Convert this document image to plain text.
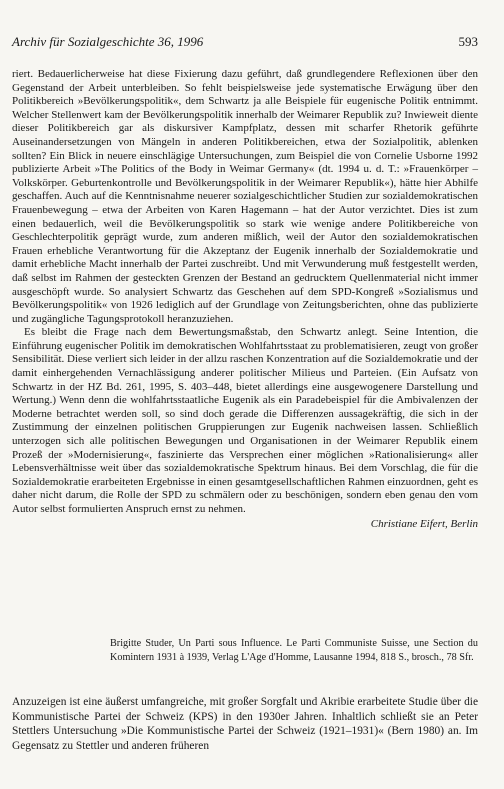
Archiv für Sozialgeschichte 36, 1996	593

riert. Bedauerlicherweise hat diese Fixierung dazu geführt, daß grundlegendere Reflexionen über den Gegenstand der Arbeit unterbleiben. So fehlt beispielsweise jede systematische Erwägung über den Politikbereich »Bevölkerungspolitik«, dem Schwartz ja alle Beispiele für eugenische Politik entnimmt. Welcher Stellenwert kam der Bevölkerungspolitik innerhalb der Weimarer Republik zu? Inwieweit diente dieser Politikbereich gar als diskursiver Kampfplatz, dessen mit scharfer Rhetorik geführte Auseinandersetzungen von Mängeln in anderen Politikbereichen, etwa der Sozialpolitik, ablenken sollten? Ein Blick in neuere einschlägige Untersuchungen, zum Beispiel die von Cornelie Usborne 1992 publizierte Arbeit »The Politics of the Body in Weimar Germany« (dt. 1994 u. d. T.: »Frauenkörper – Volkskörper. Geburtenkontrolle und Bevölkerungspolitik in der Weimarer Republik«), hätte hier Abhilfe geschaffen. Auch auf die Kenntnisnahme neuerer sozialgeschichtlicher Studien zur sozialdemokratischen Frauenbewegung – etwa der Arbeiten von Karen Hagemann – hat der Autor verzichtet. Dies ist zum einen bedauerlich, weil die Bevölkerungspolitik so stark wie wenige andere Politikbereiche von Geschlechterpolitik geprägt wurde, zum anderen mißlich, weil der Autor den sozialdemokratischen Frauen erhebliche Verantwortung für die Akzeptanz der Eugenik innerhalb der Sozialdemokratie und damit erhebliche Macht innerhalb der Partei zuschreibt. Und mit Verwunderung muß festgestellt werden, daß selbst im Rahmen der gesteckten Grenzen der Bestand an gedrucktem Quellenmaterial nicht immer ausgeschöpft wurde. So analysiert Schwartz das Geschehen auf dem SPD-Kongreß »Sozialismus und Bevölkerungspolitik« von 1926 lediglich auf der Grundlage von Zeitungsberichten, ohne das publizierte und zugängliche Tagungsprotokoll heranzuziehen.

Es bleibt die Frage nach dem Bewertungsmaßstab, den Schwartz anlegt. Seine Intention, die Einführung eugenischer Politik im demokratischen Wohlfahrtsstaat zu problematisieren, zeugt von großer Sensibilität. Diese verliert sich leider in der allzu raschen Konzentration auf die Sozialdemokratie und der damit einhergehenden Vernachlässigung anderer politischer Milieus und Parteien. (Ein Aufsatz von Schwartz in der HZ Bd. 261, 1995, S. 403–448, bietet allerdings eine ausgewogenere Darstellung und Wertung.) Wenn denn die wohlfahrtsstaatliche Eugenik als ein Paradebeispiel für die Ambivalenzen der Moderne betrachtet werden soll, so sind doch gerade die Differenzen aussagekräftig, die sich in der Zustimmung der einzelnen politischen Gruppierungen zur Eugenik nachweisen lassen. Schließlich unterzogen sich alle politischen Bewegungen und Organisationen in der Weimarer Republik einem Prozeß der »Modernisierung«, faszinierte das Versprechen einer möglichen »Rationalisierung« aller Lebensverhältnisse weit über das sozialdemokratische Spektrum hinaus. Bei dem Vorschlag, die für die Sozialdemokratie erarbeiteten Ergebnisse in einen gesamtgesellschaftlichen Rahmen einzuordnen, geht es daher nicht darum, die Rolle der SPD zu schmälern oder zu beschönigen, sondern eben genau den vom Autor selbst formulierten Anspruch ernst zu nehmen.

Christiane Eifert, Berlin
Brigitte Studer, Un Parti sous Influence. Le Parti Communiste Suisse, une Section du Komintern 1931 à 1939, Verlag L'Age d'Homme, Lausanne 1994, 818 S., brosch., 78 Sfr.
Anzuzeigen ist eine äußerst umfangreiche, mit großer Sorgfalt und Akribie erarbeitete Studie über die Kommunistische Partei der Schweiz (KPS) in den 1930er Jahren. Inhaltlich schließt sie an Peter Stettlers Untersuchung »Die Kommunistische Partei der Schweiz (1921–1931)« (Bern 1980) an. Im Gegensatz zu Stettler und anderen früheren
